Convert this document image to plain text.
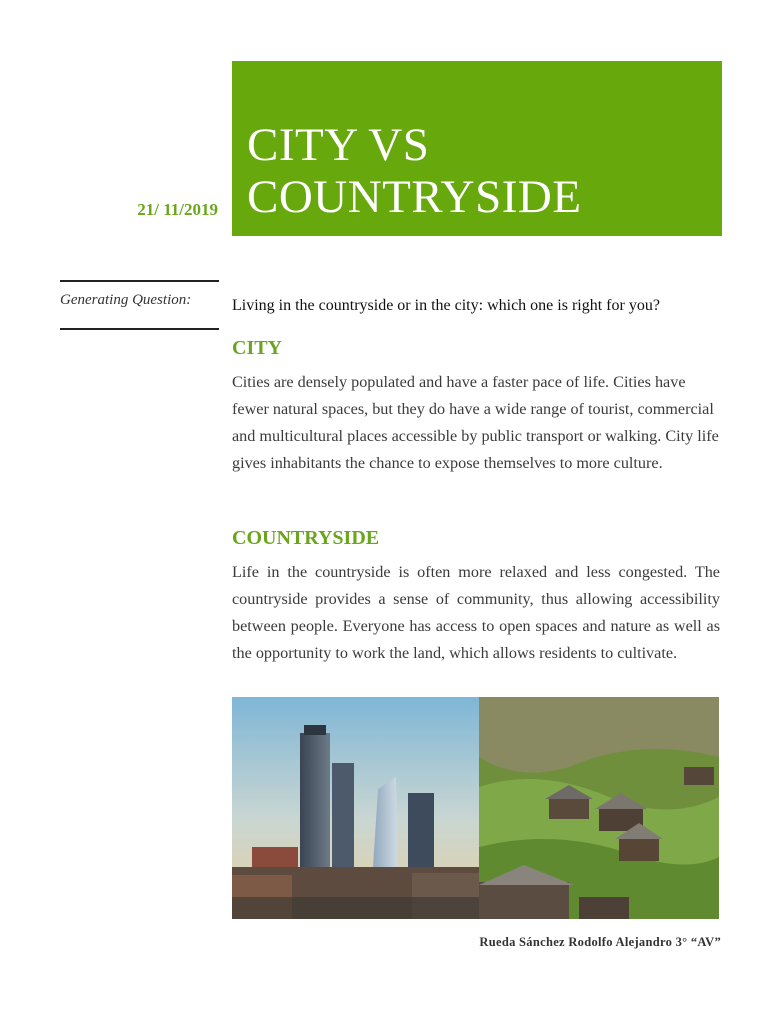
CITY VS
COUNTRYSIDE
21/ 11/2019
Generating Question:	Living in the countryside or in the city: which one is right for you?
CITY
Cities are densely populated and have a faster pace of life. Cities have fewer natural spaces, but they do have a wide range of tourist, commercial and multicultural places accessible by public transport or walking. City life gives inhabitants the chance to expose themselves to more culture.
COUNTRYSIDE
Life in the countryside is often more relaxed and less congested. The countryside provides a sense of community, thus allowing accessibility between people. Everyone has access to open spaces and nature as well as the opportunity to work the land, which allows residents to cultivate.
Rueda Sánchez Rodolfo Alejandro 3° “AV”
